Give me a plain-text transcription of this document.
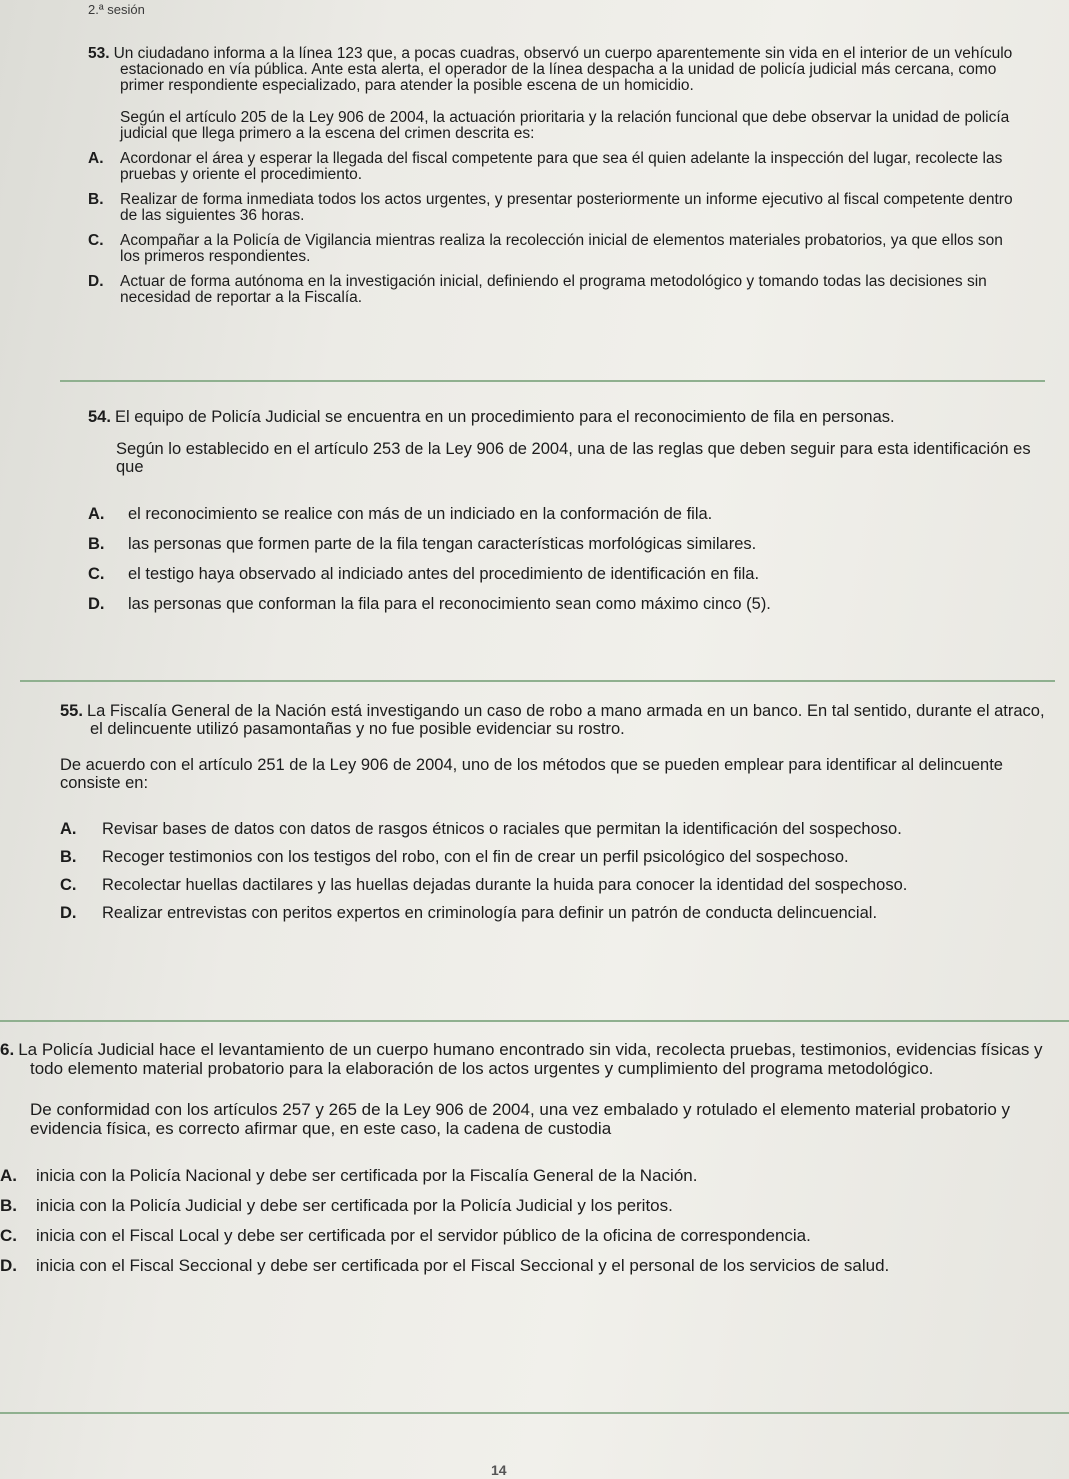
2.ª sesión
53. Un ciudadano informa a la línea 123 que, a pocas cuadras, observó un cuerpo aparentemente sin vida en el interior de un vehículo estacionado en vía pública. Ante esta alerta, el operador de la línea despacha a la unidad de policía judicial más cercana, como primer respondiente especializado, para atender la posible escena de un homicidio.
Según el artículo 205 de la Ley 906 de 2004, la actuación prioritaria y la relación funcional que debe observar la unidad de policía judicial que llega primero a la escena del crimen descrita es:
A.	Acordonar el área y esperar la llegada del fiscal competente para que sea él quien adelante la inspección del lugar, recolecte las pruebas y oriente el procedimiento.
B.	Realizar de forma inmediata todos los actos urgentes, y presentar posteriormente un informe ejecutivo al fiscal competente dentro de las siguientes 36 horas.
C.	Acompañar a la Policía de Vigilancia mientras realiza la recolección inicial de elementos materiales probatorios, ya que ellos son los primeros respondientes.
D.	Actuar de forma autónoma en la investigación inicial, definiendo el programa metodológico y tomando todas las decisiones sin necesidad de reportar a la Fiscalía.
54. El equipo de Policía Judicial se encuentra en un procedimiento para el reconocimiento de fila en personas.
Según lo establecido en el artículo 253 de la Ley 906 de 2004, una de las reglas que deben seguir para esta identificación es que
A.	el reconocimiento se realice con más de un indiciado en la conformación de fila.
B.	las personas que formen parte de la fila tengan características morfológicas similares.
C.	el testigo haya observado al indiciado antes del procedimiento de identificación en fila.
D.	las personas que conforman la fila para el reconocimiento sean como máximo cinco (5).
55. La Fiscalía General de la Nación está investigando un caso de robo a mano armada en un banco. En tal sentido, durante el atraco, el delincuente utilizó pasamontañas y no fue posible evidenciar su rostro.
De acuerdo con el artículo 251 de la Ley 906 de 2004, uno de los métodos que se pueden emplear para identificar al delincuente consiste en:
A.	Revisar bases de datos con datos de rasgos étnicos o raciales que permitan la identificación del sospechoso.
B.	Recoger testimonios con los testigos del robo, con el fin de crear un perfil psicológico del sospechoso.
C.	Recolectar huellas dactilares y las huellas dejadas durante la huida para conocer la identidad del sospechoso.
D.	Realizar entrevistas con peritos expertos en criminología para definir un patrón de conducta delincuencial.
6. La Policía Judicial hace el levantamiento de un cuerpo humano encontrado sin vida, recolecta pruebas, testimonios, evidencias físicas y todo elemento material probatorio para la elaboración de los actos urgentes y cumplimiento del programa metodológico.
De conformidad con los artículos 257 y 265 de la Ley 906 de 2004, una vez embalado y rotulado el elemento material probatorio y evidencia física, es correcto afirmar que, en este caso, la cadena de custodia
A.	inicia con la Policía Nacional y debe ser certificada por la Fiscalía General de la Nación.
B.	inicia con la Policía Judicial y debe ser certificada por la Policía Judicial y los peritos.
C.	inicia con el Fiscal Local y debe ser certificada por el servidor público de la oficina de correspondencia.
D.	inicia con el Fiscal Seccional y debe ser certificada por el Fiscal Seccional y el personal de los servicios de salud.
14
